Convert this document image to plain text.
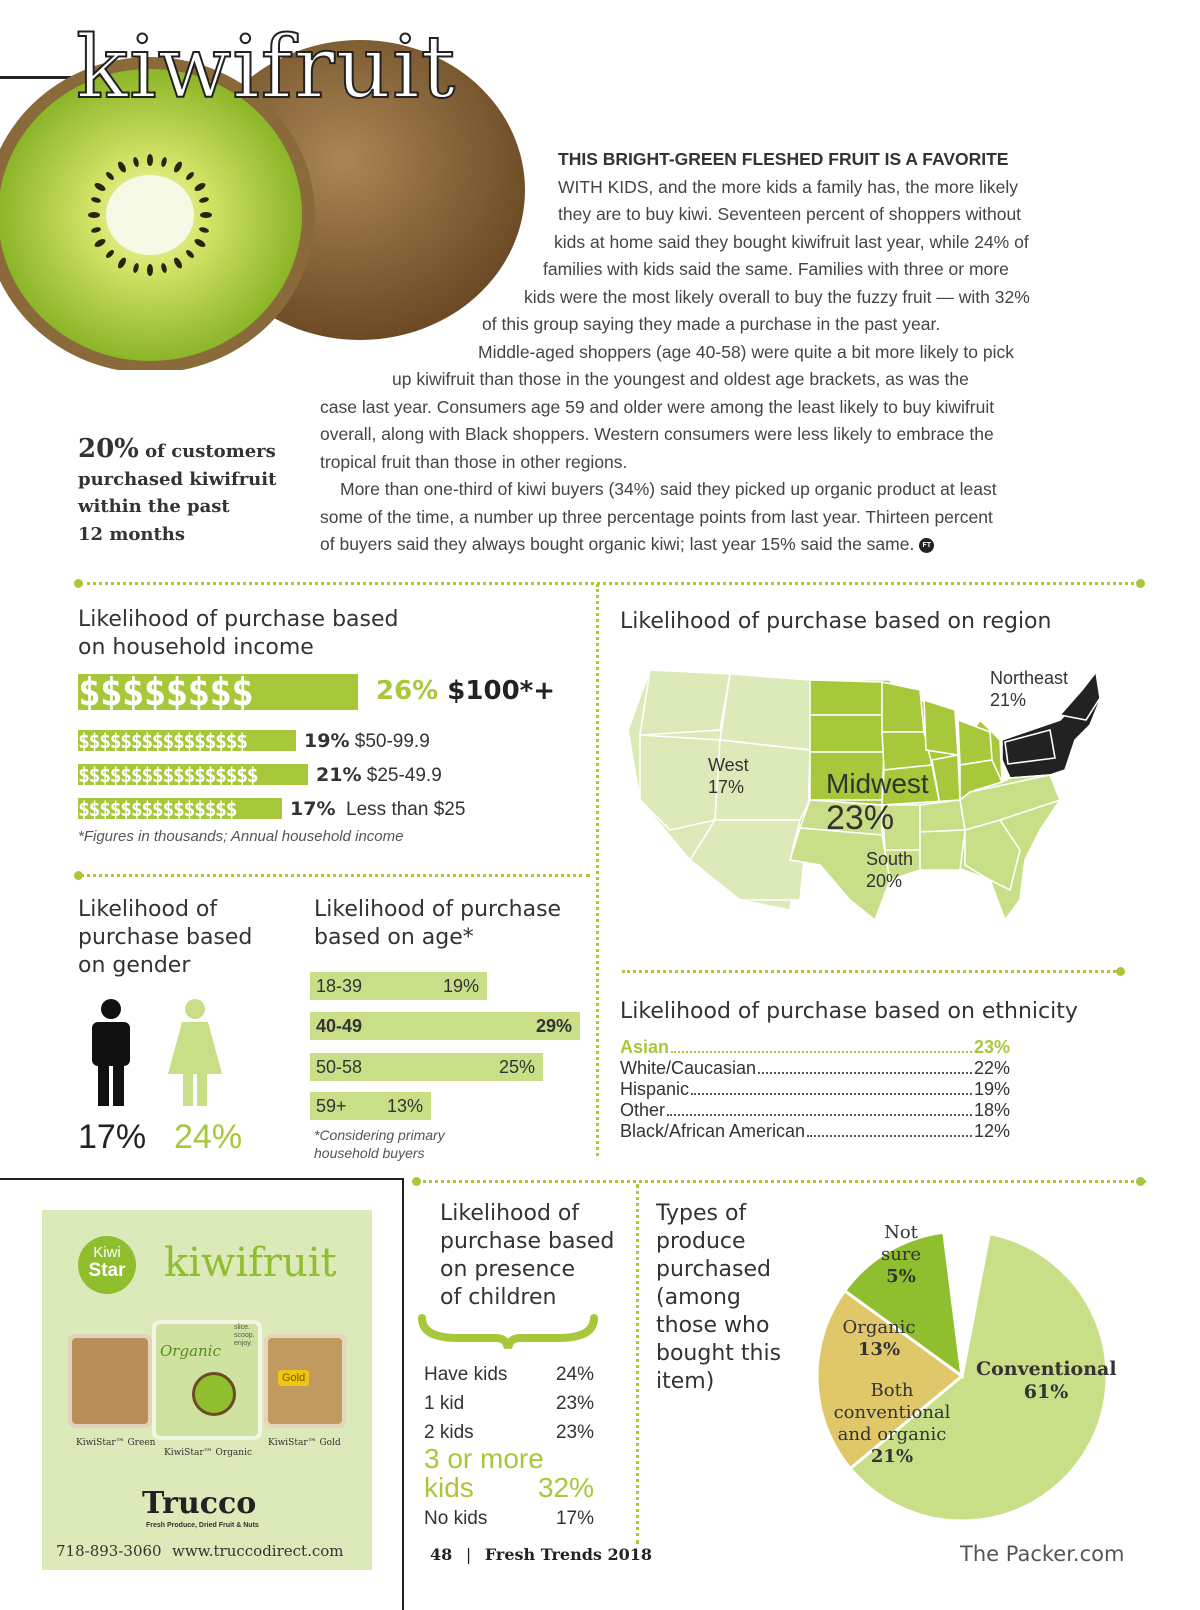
kiwifruit
THIS BRIGHT-GREEN FLESHED FRUIT IS A FAVORITE
WITH KIDS, and the more kids a family has, the more likely
they are to buy kiwi. Seventeen percent of shoppers without
kids at home said they bought kiwifruit last year, while 24% of
families with kids said the same. Families with three or more
kids were the most likely overall to buy the fuzzy fruit — with 32%
of this group saying they made a purchase in the past year.
Middle-aged shoppers (age 40-58) were quite a bit more likely to pick
up kiwifruit than those in the youngest and oldest age brackets, as was the
case last year. Consumers age 59 and older were among the least likely to buy kiwifruit
overall, along with Black shoppers. Western consumers were less likely to embrace the
tropical fruit than those in other regions.
More than one-third of kiwi buyers (34%) said they picked up organic product at least
some of the time, a number up three percentage points from last year. Thirteen percent
of buyers said they always bought organic kiwi; last year 15% said the same. FT
20% of customers
purchased kiwifruit
within the past
12 months
Likelihood of purchase based
on household income
$$$$$$$$	26% $100*+
$$$$$$$$$$$$$$$$	19% $50-99.9
$$$$$$$$$$$$$$$$$	21% $25-49.9
$$$$$$$$$$$$$$$	17% Less than $25
*Figures in thousands; Annual household income
Likelihood of purchase based on region
Northeast
21%
West
17%	Midwest
23%
South
20%
Likelihood of
purchase based
on gender
17% 24%
Likelihood of purchase
based on age*
18-39	19%
40-49	29%
50-58	25%
59+ 13%
*Considering primary
household buyers
Likelihood of purchase based on ethnicity
Asian	23%
White/Caucasian	22%
Hispanic	19%
Other	18%
Black/African American	12%
Kiwi
Star kiwifruit
Organic
Gold
KiwiStar™ Green
KiwiStar™ Organic
KiwiStar™ Gold
slice. scoop. enjoy.
Trucco
Fresh Produce, Dried Fruit & Nuts
718-893-3060 www.truccodirect.com
Likelihood of
purchase based
on presence
of children
Have kids	24%
1 kid	23%
2 kids	23%
3 or more
kids 32%
No kids	17%
Types of
produce
purchased
(among
those who
bought this
item)
Not
sure
5%
Organic
13%
Both
conventional
and organic
21%
Conventional
61%
48 | Fresh Trends 2018	The Packer.com
